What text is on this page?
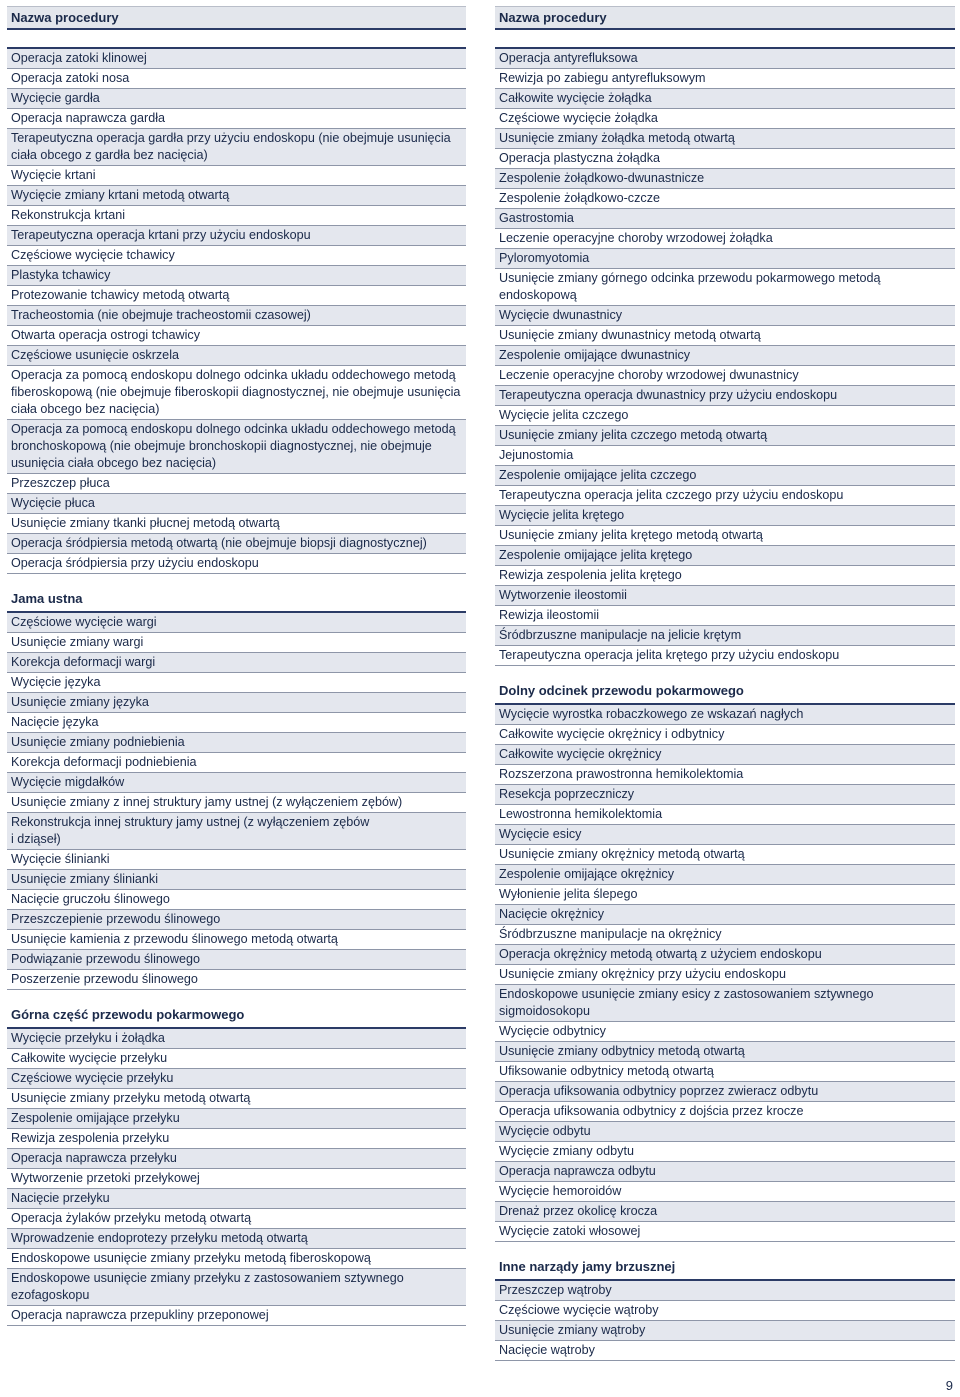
Nazwa procedury
Operacja zatoki klinowej
Operacja zatoki nosa
Wycięcie gardła
Operacja naprawcza gardła
Terapeutyczna operacja gardła przy użyciu endoskopu (nie obejmuje usunięcia ciała obcego z gardła bez nacięcia)
Wycięcie krtani
Wycięcie zmiany krtani metodą otwartą
Rekonstrukcja krtani
Terapeutyczna operacja krtani przy użyciu endoskopu
Częściowe wycięcie tchawicy
Plastyka tchawicy
Protezowanie tchawicy metodą otwartą
Tracheostomia (nie obejmuje tracheostomii czasowej)
Otwarta operacja ostrogi tchawicy
Częściowe usunięcie oskrzela
Operacja za pomocą endoskopu dolnego odcinka układu oddechowego metodą fiberoskopową (nie obejmuje fiberoskopii diagnostycznej, nie obejmuje usunięcia ciała obcego bez nacięcia)
Operacja za pomocą endoskopu dolnego odcinka układu oddechowego metodą bronchoskopową (nie obejmuje bronchoskopii diagnostycznej, nie obejmuje usunięcia ciała obcego bez nacięcia)
Przeszczep płuca
Wycięcie płuca
Usunięcie zmiany tkanki płucnej metodą otwartą
Operacja śródpiersia metodą otwartą (nie obejmuje biopsji diagnostycznej)
Operacja śródpiersia przy użyciu endoskopu
Jama ustna
Częściowe wycięcie wargi
Usunięcie zmiany wargi
Korekcja deformacji wargi
Wycięcie języka
Usunięcie zmiany języka
Nacięcie języka
Usunięcie zmiany podniebienia
Korekcja deformacji podniebienia
Wycięcie migdałków
Usunięcie zmiany z innej struktury jamy ustnej (z wyłączeniem zębów)
Rekonstrukcja innej struktury jamy ustnej (z wyłączeniem zębów
i dziąseł)
Wycięcie ślinianki
Usunięcie zmiany ślinianki
Nacięcie gruczołu ślinowego
Przeszczepienie przewodu ślinowego
Usunięcie kamienia z przewodu ślinowego metodą otwartą
Podwiązanie przewodu ślinowego
Poszerzenie przewodu ślinowego
Górna część przewodu pokarmowego
Wycięcie przełyku i żołądka
Całkowite wycięcie przełyku
Częściowe wycięcie przełyku
Usunięcie zmiany przełyku metodą otwartą
Zespolenie omijające przełyku
Rewizja zespolenia przełyku
Operacja naprawcza przełyku
Wytworzenie przetoki przełykowej
Nacięcie przełyku
Operacja żylaków przełyku metodą otwartą
Wprowadzenie endoprotezy przełyku metodą otwartą
Endoskopowe usunięcie zmiany przełyku metodą fiberoskopową
Endoskopowe usunięcie zmiany przełyku z zastosowaniem sztywnego ezofagoskopu
Operacja naprawcza przepukliny przeponowej
Nazwa procedury
Operacja antyrefluksowa
Rewizja po zabiegu antyrefluksowym
Całkowite wycięcie żołądka
Częściowe wycięcie żołądka
Usunięcie zmiany żołądka metodą otwartą
Operacja plastyczna żołądka
Zespolenie żołądkowo-dwunastnicze
Zespolenie żołądkowo-czcze
Gastrostomia
Leczenie operacyjne choroby wrzodowej żołądka
Pyloromyotomia
Usunięcie zmiany górnego odcinka przewodu pokarmowego metodą endoskopową
Wycięcie dwunastnicy
Usunięcie zmiany dwunastnicy metodą otwartą
Zespolenie omijające dwunastnicy
Leczenie operacyjne choroby wrzodowej dwunastnicy
Terapeutyczna operacja dwunastnicy przy użyciu endoskopu
Wycięcie jelita czczego
Usunięcie zmiany jelita czczego metodą otwartą
Jejunostomia
Zespolenie omijające jelita czczego
Terapeutyczna operacja jelita czczego przy użyciu endoskopu
Wycięcie jelita krętego
Usunięcie zmiany jelita krętego metodą otwartą
Zespolenie omijające jelita krętego
Rewizja zespolenia jelita krętego
Wytworzenie ileostomii
Rewizja ileostomii
Śródbrzuszne manipulacje na jelicie krętym
Terapeutyczna operacja jelita krętego przy użyciu endoskopu
Dolny odcinek przewodu pokarmowego
Wycięcie wyrostka robaczkowego ze wskazań nagłych
Całkowite wycięcie okrężnicy i odbytnicy
Całkowite wycięcie okrężnicy
Rozszerzona prawostronna hemikolektomia
Resekcja poprzeczniczy
Lewostronna hemikolektomia
Wycięcie esicy
Usunięcie zmiany okrężnicy metodą otwartą
Zespolenie omijające okrężnicy
Wyłonienie jelita ślepego
Nacięcie okrężnicy
Śródbrzuszne manipulacje na okrężnicy
Operacja okrężnicy metodą otwartą z użyciem endoskopu
Usunięcie zmiany okrężnicy przy użyciu endoskopu
Endoskopowe usunięcie zmiany esicy z zastosowaniem sztywnego sigmoidosokopu
Wycięcie odbytnicy
Usunięcie zmiany odbytnicy metodą otwartą
Ufiksowanie odbytnicy metodą otwartą
Operacja ufiksowania odbytnicy poprzez zwieracz odbytu
Operacja ufiksowania odbytnicy z dojścia przez krocze
Wycięcie odbytu
Wycięcie zmiany odbytu
Operacja naprawcza odbytu
Wycięcie hemoroidów
Drenaż przez okolicę krocza
Wycięcie zatoki włosowej
Inne narządy jamy brzusznej
Przeszczep wątroby
Częściowe wycięcie wątroby
Usunięcie zmiany wątroby
Nacięcie wątroby
9
